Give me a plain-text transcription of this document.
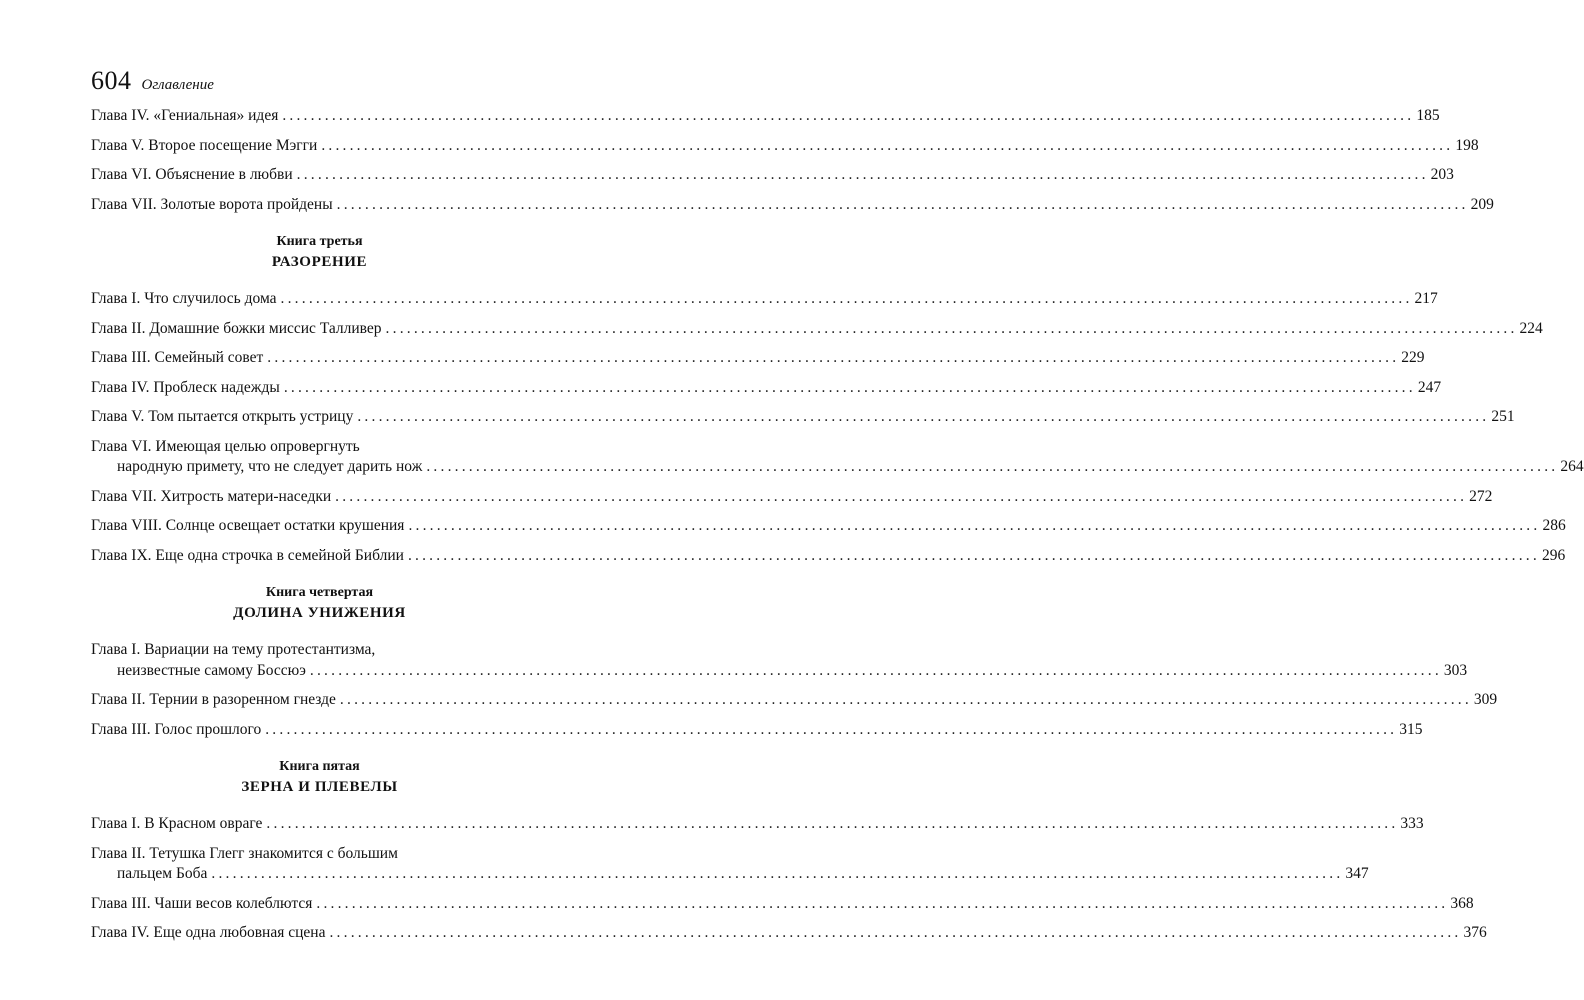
604 Оглавление
Глава IV. «Гениальная» идея ................................................................................................................................................................ 185
Глава V. Второе посещение Мэгги ................................................................................................................................................................ 198
Глава VI. Объяснение в любви ................................................................................................................................................................ 203
Глава VII. Золотые ворота пройдены ................................................................................................................................................................ 209
Книга третья
РАЗОРЕНИЕ
Глава I. Что случилось дома ................................................................................................................................................................ 217
Глава II. Домашние божки миссис Талливер ................................................................................................................................................................ 224
Глава III. Семейный совет ................................................................................................................................................................ 229
Глава IV. Проблеск надежды ................................................................................................................................................................ 247
Глава V. Том пытается открыть устрицу ................................................................................................................................................................ 251
Глава VI. Имеющая целью опровергнуть
народную примету, что не следует дарить нож ................................................................................................................................................................ 264
Глава VII. Хитрость матери-наседки ................................................................................................................................................................ 272
Глава VIII. Солнце освещает остатки крушения ................................................................................................................................................................ 286
Глава IX. Еще одна строчка в семейной Библии ................................................................................................................................................................ 296
Книга четвертая
ДОЛИНА УНИЖЕНИЯ
Глава I. Вариации на тему протестантизма,
неизвестные самому Боссюэ ................................................................................................................................................................ 303
Глава II. Тернии в разоренном гнезде ................................................................................................................................................................ 309
Глава III. Голос прошлого ................................................................................................................................................................ 315
Книга пятая
ЗЕРНА И ПЛЕВЕЛЫ
Глава I. В Красном овраге ................................................................................................................................................................ 333
Глава II. Тетушка Глегг знакомится с большим
пальцем Боба ................................................................................................................................................................ 347
Глава III. Чаши весов колеблются ................................................................................................................................................................ 368
Глава IV. Еще одна любовная сцена ................................................................................................................................................................ 376
